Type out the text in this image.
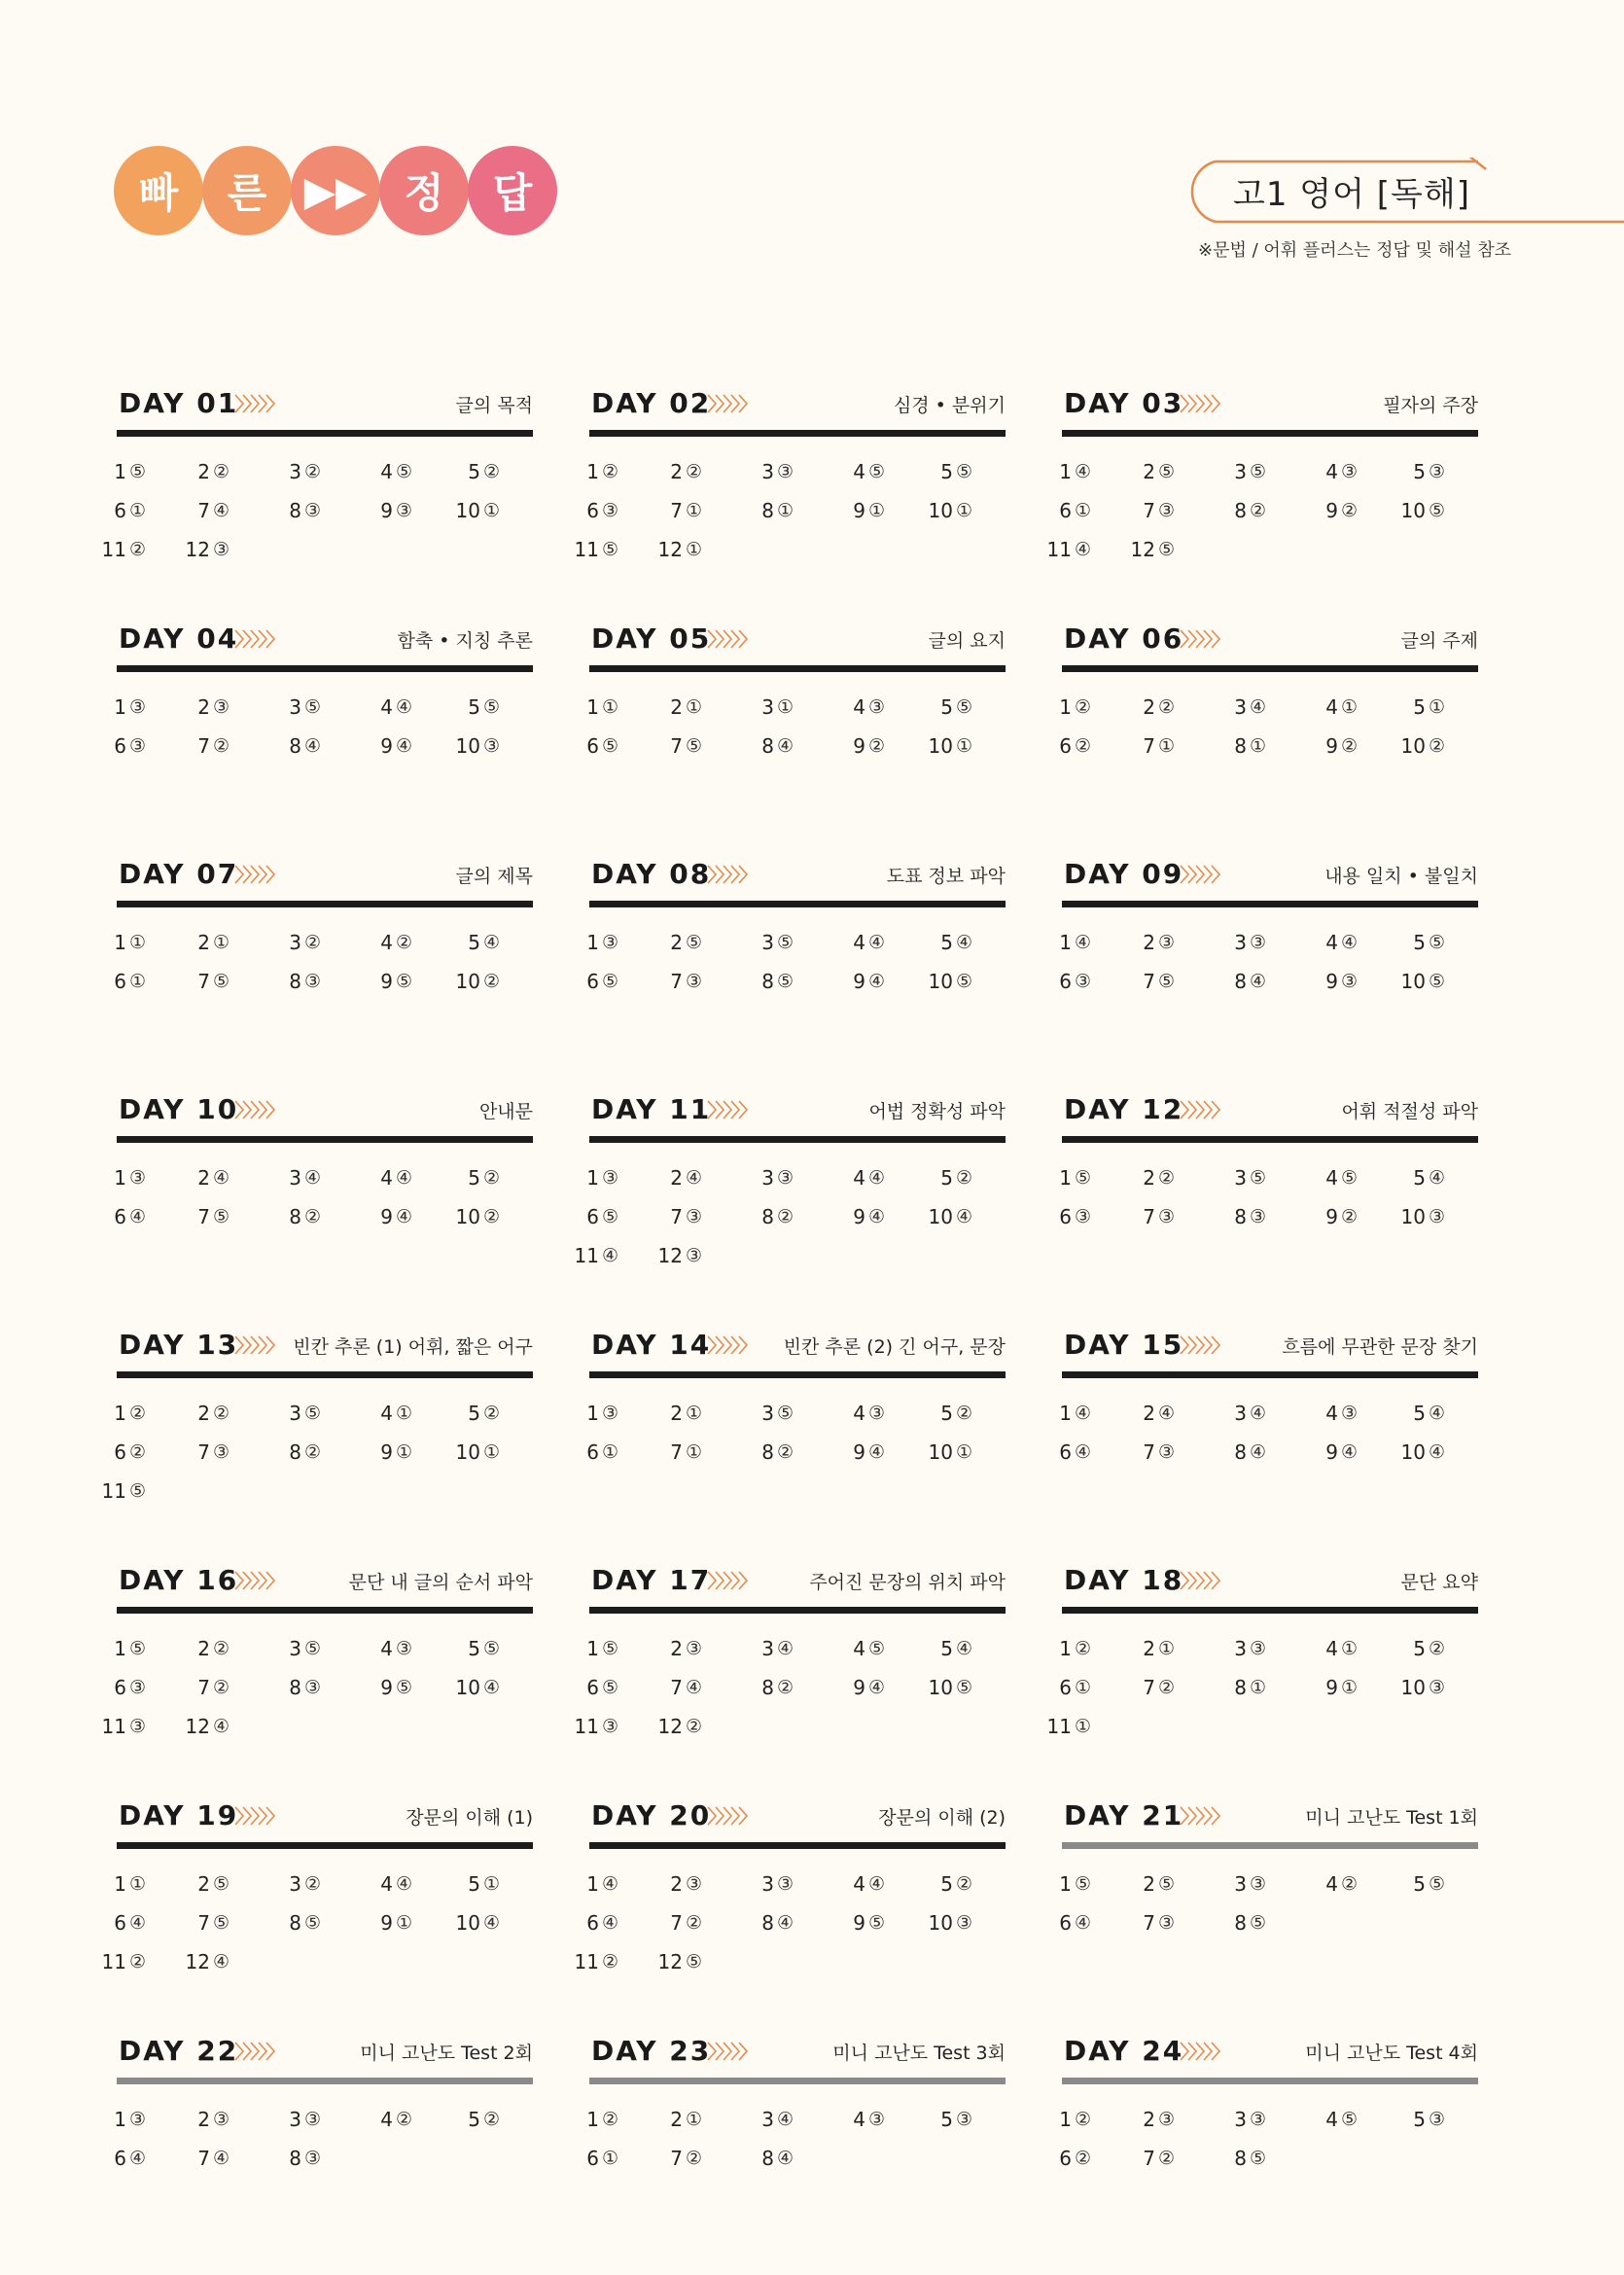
빠	른 ▶▶ 정	답	고1 영어 [독해]
※문법 / 어휘 플러스는 정답 및 해설 참조
DAY 01	글의 목적
1 ⑤	2 ②	3 ②	4 ⑤	5 ②
6 ①	7 ④	8 ③	9 ③ 10 ①
11 ② 12 ③
DAY 02	심경 • 분위기
1 ②	2 ②	3 ③	4 ⑤	5 ⑤
6 ③	7 ①	8 ①	9 ① 10 ①
11 ⑤ 12 ①
DAY 03	필자의 주장
1 ④	2 ⑤	3 ⑤	4 ③	5 ③
6 ①	7 ③	8 ②	9 ② 10 ⑤
11 ④ 12 ⑤
DAY 04	함축 • 지칭 추론
1 ③	2 ③	3 ⑤	4 ④	5 ⑤
6 ③	7 ②	8 ④	9 ④ 10 ③
DAY 05	글의 요지
1 ①	2 ①	3 ①	4 ③	5 ⑤
6 ⑤	7 ⑤	8 ④	9 ② 10 ①
DAY 06	글의 주제
1 ②	2 ②	3 ④	4 ①	5 ①
6 ②	7 ①	8 ①	9 ② 10 ②
DAY 07	글의 제목
1 ①	2 ①	3 ②	4 ②	5 ④
6 ①	7 ⑤	8 ③	9 ⑤ 10 ②
DAY 08	도표 정보 파악
1 ③	2 ⑤	3 ⑤	4 ④	5 ④
6 ⑤	7 ③	8 ⑤	9 ④ 10 ⑤
DAY 09	내용 일치 • 불일치
1 ④	2 ③	3 ③	4 ④	5 ⑤
6 ③	7 ⑤	8 ④	9 ③ 10 ⑤
DAY 10	안내문
1 ③	2 ④	3 ④	4 ④	5 ②
6 ④	7 ⑤	8 ②	9 ④ 10 ②
DAY 11	어법 정확성 파악
1 ③	2 ④	3 ③	4 ④	5 ②
6 ⑤	7 ③	8 ②	9 ④ 10 ④
11 ④ 12 ③
DAY 12	어휘 적절성 파악
1 ⑤	2 ②	3 ⑤	4 ⑤	5 ④
6 ③	7 ③	8 ③	9 ② 10 ③
DAY 13	빈칸 추론 (1) 어휘, 짧은 어구
1 ②	2 ②	3 ⑤	4 ①	5 ②
6 ②	7 ③	8 ②	9 ① 10 ①
11 ⑤
DAY 14	빈칸 추론 (2) 긴 어구, 문장
1 ③	2 ①	3 ⑤	4 ③	5 ②
6 ①	7 ①	8 ②	9 ④ 10 ①
DAY 15	흐름에 무관한 문장 찾기
1 ④	2 ④	3 ④	4 ③	5 ④
6 ④	7 ③	8 ④	9 ④ 10 ④
DAY 16	문단 내 글의 순서 파악
1 ⑤	2 ②	3 ⑤	4 ③	5 ⑤
6 ③	7 ②	8 ③	9 ⑤ 10 ④
11 ③ 12 ④
DAY 17	주어진 문장의 위치 파악
1 ⑤	2 ③	3 ④	4 ⑤	5 ④
6 ⑤	7 ④	8 ②	9 ④ 10 ⑤
11 ③ 12 ②
DAY 18	문단 요약
1 ②	2 ①	3 ③	4 ①	5 ②
6 ①	7 ②	8 ①	9 ① 10 ③
11 ①
DAY 19	장문의 이해 (1)
1 ①	2 ⑤	3 ②	4 ④	5 ①
6 ④	7 ⑤	8 ⑤	9 ① 10 ④
11 ② 12 ④
DAY 20	장문의 이해 (2)
1 ④	2 ③	3 ③	4 ④	5 ②
6 ④	7 ②	8 ④	9 ⑤ 10 ③
11 ② 12 ⑤
DAY 21	미니 고난도 Test 1회
1 ⑤	2 ⑤	3 ③	4 ②	5 ⑤
6 ④	7 ③	8 ⑤
DAY 22	미니 고난도 Test 2회
1 ③	2 ③	3 ③	4 ②	5 ②
6 ④	7 ④	8 ③
DAY 23	미니 고난도 Test 3회
1 ②	2 ①	3 ④	4 ③	5 ③
6 ①	7 ②	8 ④
DAY 24	미니 고난도 Test 4회
1 ②	2 ③	3 ③	4 ⑤	5 ③
6 ②	7 ②	8 ⑤
